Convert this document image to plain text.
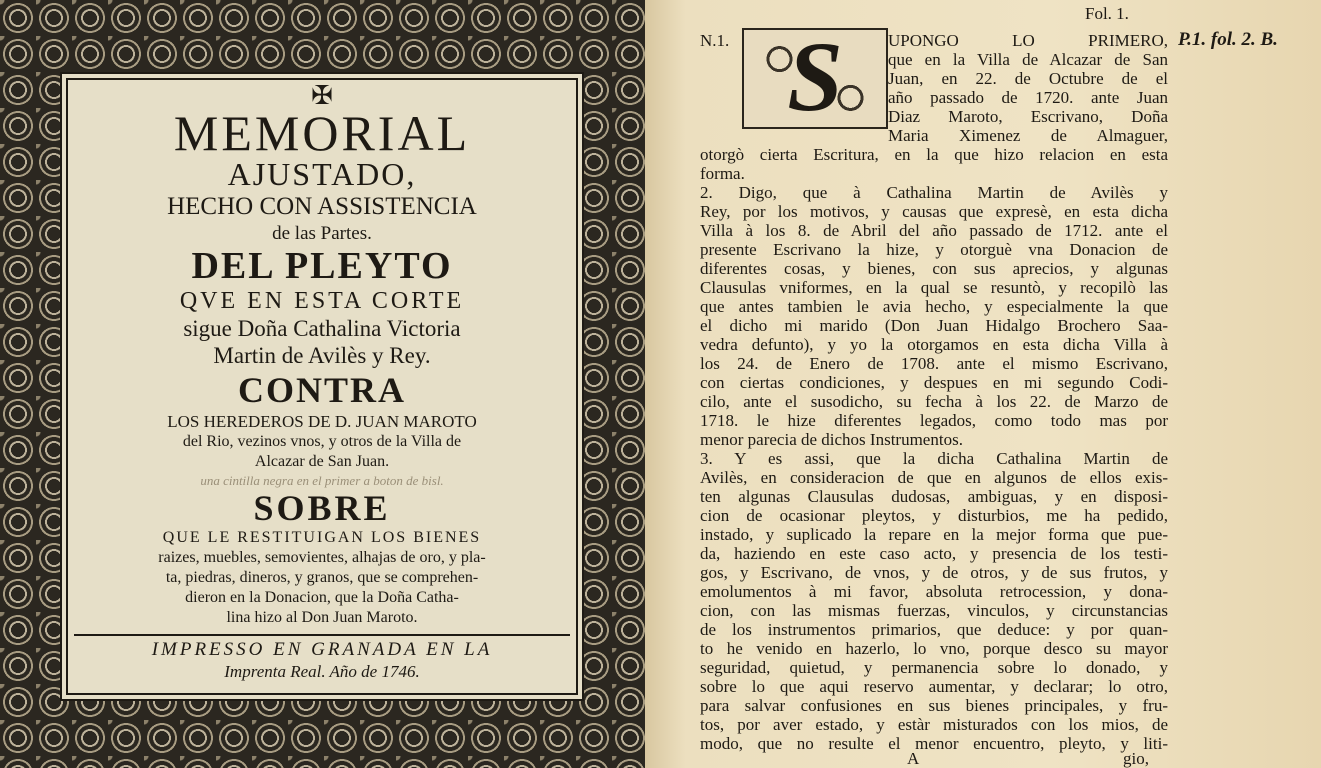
✠
MEMORIAL
AJUSTADO,
HECHO CON ASSISTENCIA
de las Partes.
DEL PLEYTO
QVE EN ESTA CORTE
sigue Doña Cathalina Victoria
Martin de Avilès y Rey.
CONTRA
LOS HEREDEROS DE D. JUAN MAROTO
del Rio, vezinos vnos, y otros de la Villa de
Alcazar de San Juan.
una cintilla negra en el primer a boton de bisl.
SOBRE
QUE LE RESTITUIGAN LOS BIENES
raizes, muebles, semovientes, alhajas de oro, y pla-
ta, piedras, dineros, y granos, que se comprehen-
dieron en la Donacion, que la Doña Catha-
lina hizo al Don Juan Maroto.
IMPRESSO EN GRANADA EN LA
Imprenta Real. Año de 1746.
Fol. 1.
N.1.	P.1. fol. 2. B.
S	UPONGO LO PRIMERO,
que en la Villa de Alcazar de San
Juan, en 22. de Octubre de el
año passado de 1720. ante Juan
Diaz Maroto, Escrivano, Doña
Maria Ximenez de Almaguer,
otorgò cierta Escritura, en la que hizo relacion en esta
forma.
2. Digo, que à Cathalina Martin de Avilès y
Rey, por los motivos, y causas que expresè, en esta dicha
Villa à los 8. de Abril del año passado de 1712. ante el
presente Escrivano la hize, y otorguè vna Donacion de
diferentes cosas, y bienes, con sus aprecios, y algunas
Clausulas vniformes, en la qual se resuntò, y recopilò las
que antes tambien le avia hecho, y especialmente la que
el dicho mi marido (Don Juan Hidalgo Brochero Saa-
vedra defunto), y yo la otorgamos en esta dicha Villa à
los 24. de Enero de 1708. ante el mismo Escrivano,
con ciertas condiciones, y despues en mi segundo Codi-
cilo, ante el susodicho, su fecha à los 22. de Marzo de
1718. le hize diferentes legados, como todo mas por
menor parecia de dichos Instrumentos.
3. Y es assi, que la dicha Cathalina Martin de
Avilès, en consideracion de que en algunos de ellos exis-
ten algunas Clausulas dudosas, ambiguas, y en disposi-
cion de ocasionar pleytos, y disturbios, me ha pedido,
instado, y suplicado la repare en la mejor forma que pue-
da, haziendo en este caso acto, y presencia de los testi-
gos, y Escrivano, de vnos, y de otros, y de sus frutos, y
emolumentos à mi favor, absoluta retrocession, y dona-
cion, con las mismas fuerzas, vinculos, y circunstancias
de los instrumentos primarios, que deduce: y por quan-
to he venido en hazerlo, lo vno, porque desco su mayor
seguridad, quietud, y permanencia sobre lo donado, y
sobre lo que aqui reservo aumentar, y declarar; lo otro,
para salvar confusiones en sus bienes principales, y fru-
tos, por aver estado, y estàr misturados con los mios, de
modo, que no resulte el menor encuentro, pleyto, y liti-
A	gio,
